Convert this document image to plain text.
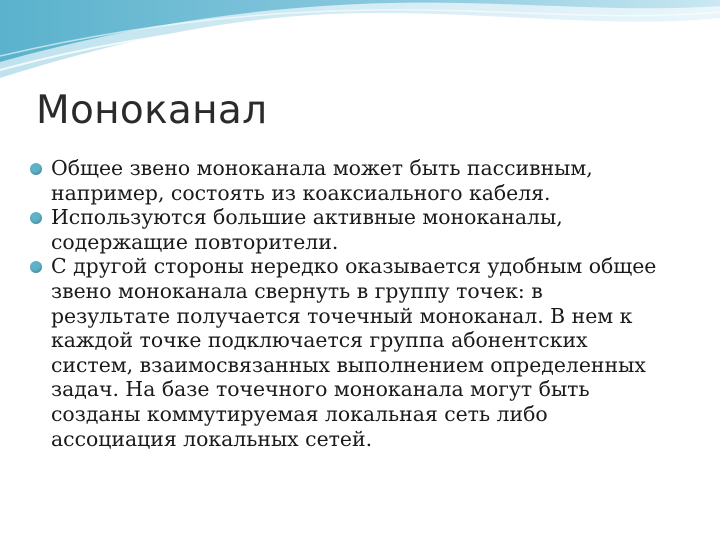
Моноканал
Общее звено моноканала может быть пассивным,
например, состоять из коаксиального кабеля.
Используются большие активные моноканалы,
содержащие повторители.
С другой стороны нередко оказывается удобным общее
звено моноканала свернуть в группу точек: в
результате получается точечный моноканал. В нем к
каждой точке подключается группа абонентских
систем, взаимосвязанных выполнением определенных
задач. На базе точечного моноканала могут быть
созданы коммутируемая локальная сеть либо
ассоциация локальных сетей.
